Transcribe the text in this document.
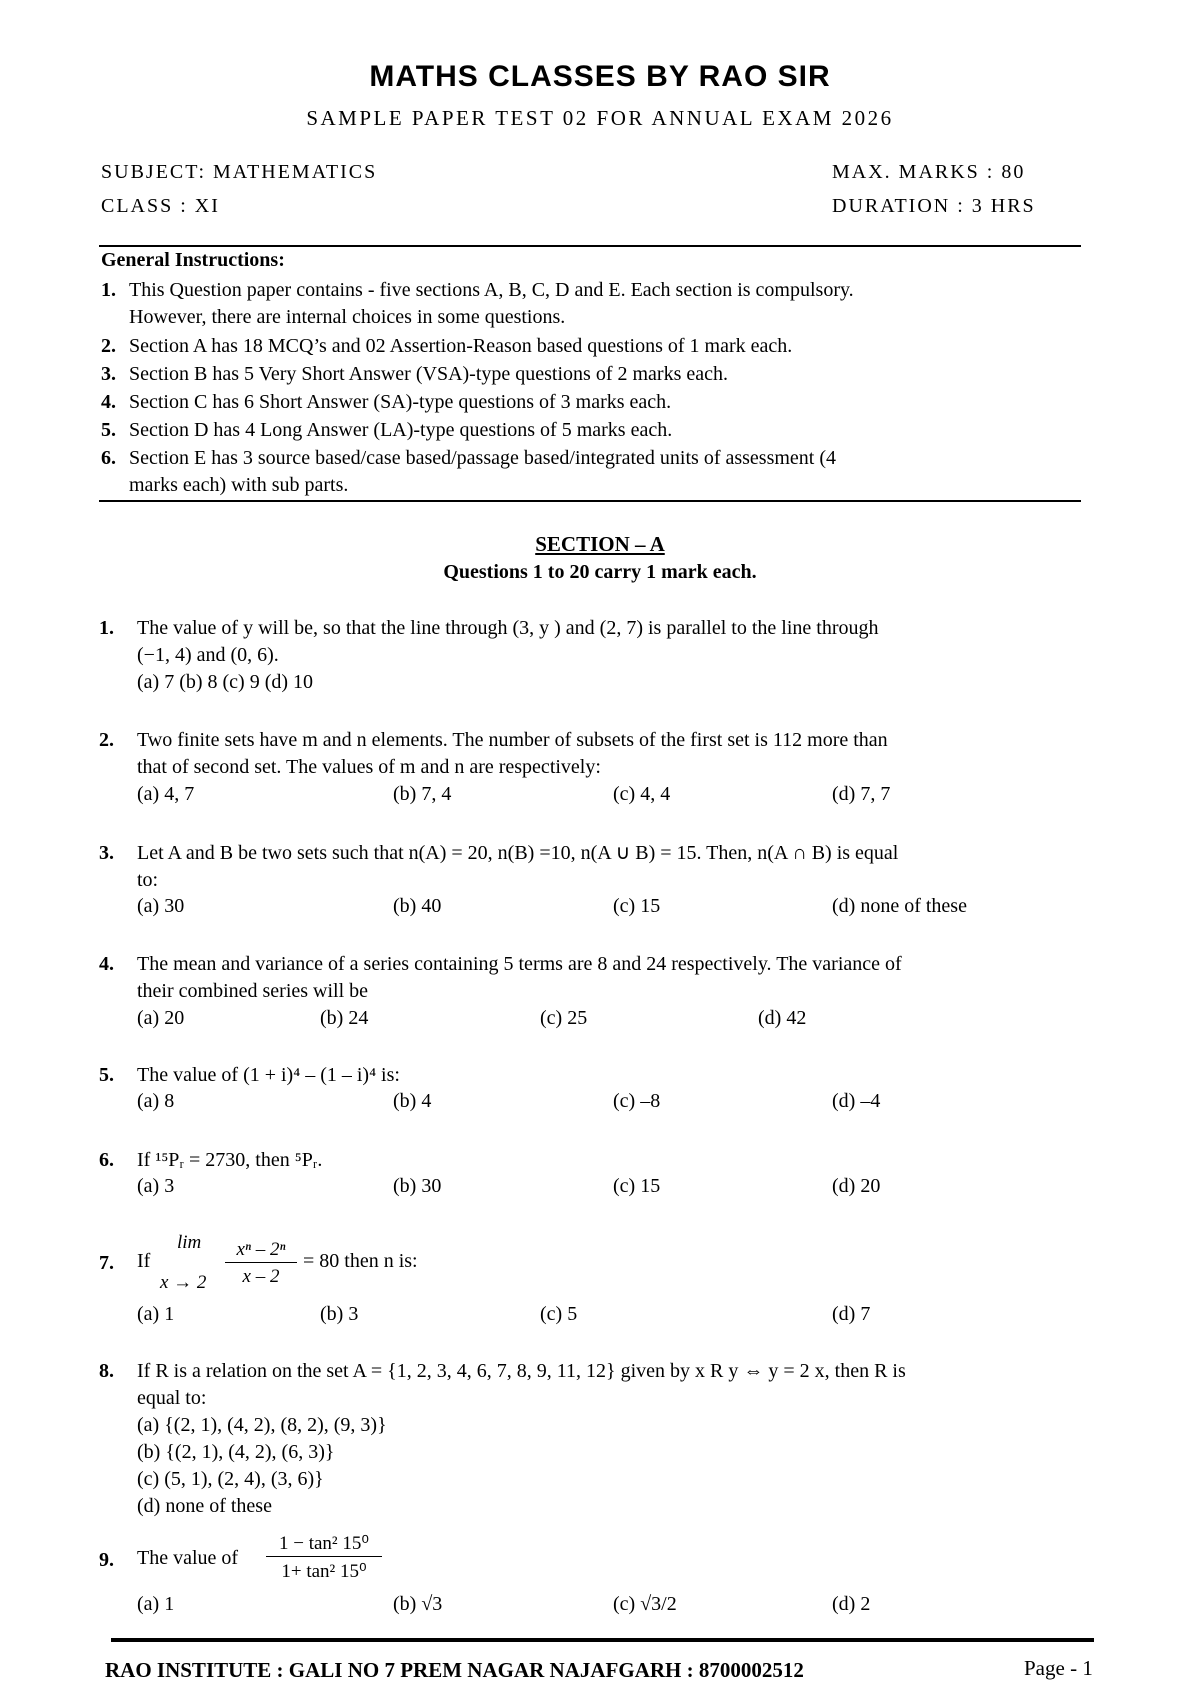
MATHS CLASSES BY RAO SIR
SAMPLE PAPER TEST 02 FOR ANNUAL EXAM 2026
SUBJECT: MATHEMATICS	MAX. MARKS : 80
CLASS : XI	DURATION : 3 HRS
General Instructions:
1. This Question paper contains - five sections A, B, C, D and E. Each section is compulsory.
However, there are internal choices in some questions.
2. Section A has 18 MCQ’s and 02 Assertion-Reason based questions of 1 mark each.
3. Section B has 5 Very Short Answer (VSA)-type questions of 2 marks each.
4. Section C has 6 Short Answer (SA)-type questions of 3 marks each.
5. Section D has 4 Long Answer (LA)-type questions of 5 marks each.
6. Section E has 3 source based/case based/passage based/integrated units of assessment (4
marks each) with sub parts.
SECTION – A
Questions 1 to 20 carry 1 mark each.
1. The value of y will be, so that the line through (3, y ) and (2, 7) is parallel to the line through
(−1, 4) and (0, 6).
(a) 7 (b) 8 (c) 9 (d) 10
2. Two finite sets have m and n elements. The number of subsets of the first set is 112 more than
that of second set. The values of m and n are respectively:
(a) 4, 7	(b) 7, 4	(c) 4, 4	(d) 7, 7
3. Let A and B be two sets such that n(A) = 20, n(B) =10, n(A ∪ B) = 15. Then, n(A ∩ B) is equal
to:
(a) 30	(b) 40	(c) 15	(d) none of these
4. The mean and variance of a series containing 5 terms are 8 and 24 respectively. The variance of
their combined series will be
(a) 20	(b) 24	(c) 25	(d) 42
5. The value of (1 + i)⁴ – (1 – i)⁴ is:
(a) 8	(b) 4	(c) –8	(d) –4
6. If ¹⁵Pᵣ = 2730, then ⁵Pᵣ.
(a) 3	(b) 30	(c) 15	(d) 20
7. If
lim
x → 2
xⁿ – 2ⁿ
x – 2
= 80 then n is:
(a) 1	(b) 3	(c) 5	(d) 7
8. If R is a relation on the set A = {1, 2, 3, 4, 6, 7, 8, 9, 11, 12} given by x R y ⇔ y = 2 x, then R is
equal to:
(a) {(2, 1), (4, 2), (8, 2), (9, 3)}
(b) {(2, 1), (4, 2), (6, 3)}
(c) (5, 1), (2, 4), (3, 6)}
(d) none of these
9. The value of
1 − tan² 15⁰
1+ tan² 15⁰
(a) 1	(b) √3	(c) √3/2	(d) 2
RAO INSTITUTE : GALI NO 7 PREM NAGAR NAJAFGARH : 8700002512	Page - 1
